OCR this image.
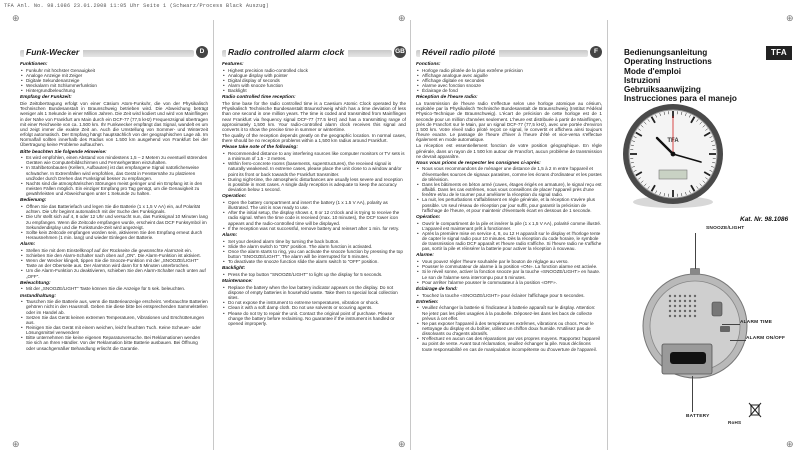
TFA Anl. No. 98.1086 23.01.2008 11:05 Uhr Seite 1 (Schwarz/Process Black Auszug)
⊕	⊕	⊕
⊕	⊕	⊕
Funk-Wecker	D	Radio controlled alarm clock	GB Réveil radio piloté	F
Funktionen:
• Funkuhr mit höchster Genauigkeit
• Analoge Anzeige mit Zeiger
• Digitale Sekundenanzeige
• Weckalarm mit Schlummerfunktion
• Hintergrundbeleuchtung
Empfang der Funkzeit:

Die Zeitübertragung erfolgt von einer Cäsium Atom-Funkuhr, die von der Physikalisch Technischen Bundesanstalt in Braunschweig betrieben wird. Die Abweichung beträgt weniger als 1 Sekunde in einer Million Jahren. Die Zeit wird kodiert und wird von Mainflingen in der Nähe von Frankfurt am Main durch ein DCF-77 (77,5 kHz) Frequenzsignal übertragen mit einer Reichweite von ca. 1.500 km. Ihr Funkwecker empfängt das Signal, wandelt es um und zeigt immer die exakte Zeit an. Auch die Umstellung von Sommer- und Winterzeit erfolgt automatisch. Der Empfang hängt hauptsächlich von der geographischen Lage ab. Im Normalfall sollten innerhalb des Radius von 1.500 km ausgehend von Frankfurt bei der Übertragung keine Probleme auftauchen.

Bitte beachten Sie folgende Hinweise:
• Es wird empfohlen, einen Abstand von mindestens 1,5 – 2 Metern zu eventuell störenden Geräten wie Computerbildschirmen und Fernsehgeräten einzuhalten.
• In Stahlbetonbauten (Kellern, Aufbauten) ist das empfangene Signal natürlicherweise schwächer. In Extremfällen wird empfohlen, das Gerät in Fensternähe zu platzieren und/oder durch Drehen das Funksignal besser zu empfangen.
• Nachts sind die atmosphärischen Störungen meist geringer und ein Empfang ist in den meisten Fällen möglich. Ein einziger Empfang pro Tag genügt, um die Genauigkeit zu gewährleisten und Abweichungen unter 1 Sekunde zu halten.
Bedienung:
• Öffnen Sie das Batteriefach und legen Sie die Batterie (1 x 1,5 V AA) ein, auf Polarität achten. Die Uhr beginnt automatisch mit der Suche des Funksignals.
• Die Uhr stellt sich auf 4, 8 oder 12 Uhr und versucht nun, das Funksignal 10 Minuten lang zu empfangen. Wenn die Zeitcode empfangen wurde, erscheint das DCF Funksymbol im Sekundendisplay und die Funkstunde-Zeit wird angezeigt.
• Sollte kein Zeitcode empfangen worden sein, aktivieren Sie den Empfang erneut durch Herausnehmen (1 min. lang) und wieder Einlegen der Batterie.
Alarm:
• Stellen Sie mit dem Einstellknopf auf der Rückseite die gewünschte Alarmzeit ein.
• Schieben Sie den Alarm-Schalter nach oben auf „ON“. Die Alarm-Funktion ist aktiviert.
• Wenn der Wecker klingelt, tippen Sie die Snooze-Funktion mit der „SNOOZE/LIGHT“ Taste an der Oberseite aus. Der Alarmton wird dann für 5 Minuten unterbrochen.
• Um die Alarm-Funktion zu deaktivieren, schieben Sie den Alarm-Schalter nach unten auf „OFF“.
Beleuchtung:
• Mit der „SNOOZE/LIGHT“ Taste können Sie die Anzeige für 5 sek. beleuchten.
Instandhaltung:
• Tauschen Sie die Batterie aus, wenn die Batterieanzeige erscheint. Verbrauchte Batterien gehören nicht in den Hausmüll. Geben Sie diese bitte bei entsprechenden Sammelstellen oder im Handel ab.
• Setzen Sie das Gerät keinen extremen Temperaturen, Vibrationen und Erschütterungen aus.
• Reinigen Sie das Gerät mit einem weichen, leicht feuchten Tuch. Keine Scheuer- oder Lösungsmittel verwenden!
• Bitte unternehmen Sie keine eigenen Reparaturversuche. Bei Reklamationen wenden Sie sich an Ihren Händler. Von der Reklamation bitte Batterie ausbauen. Bei Öffnung oder unsachgemäßer Behandlung erlischt die Garantie.
Features:
• Highest precision radio-controlled clock
• Analogue display with pointer
• Digital display of seconds
• Alarm with snooze function
• Backlight
Radio controlled time reception:

The time base for the radio controlled time is a Caesium Atomic Clock operated by the Physikalisch Technische Bundesanstalt Braunschweig which has a time deviation of less than one second in one million years. The time is coded and transmitted from Mainflingen near Frankfurt via frequency signal DCF-77 (77.5 kHz) and has a transmitting range of approximately 1,500 km. Your radio-controlled alarm clock receives this signal and converts it to show the precise time in summer or wintertime.

The quality of the reception depends greatly on the geographic location. In normal cases, there should be no reception problems within a 1,500 km radius around Frankfurt.

Please take note of the following:
• Recommended distance to any interfering sources like computer monitors or TV sets is a minimum of 1.5 - 2 metres.
• Within ferro-concrete rooms (basements, superstructures), the received signal is naturally weakened. In extreme cases, please place the unit close to a window and/or point its front or back towards the Frankfurt transmitter.
• During night-time, the atmospheric disturbances are usually less severe and reception is possible in most cases. A single daily reception is adequate to keep the accuracy deviation below 1 second.
Operation:
• Open the battery compartment and insert the battery (1 x 1.5 V AA), polarity as illustrated. The unit is now ready to use.
• After the initial setup, the display shows 4, 8 or 12 o'clock and is trying to receive the radio signal. When the time code is received (max. 10 minutes), the DCF tower icon appears and the radio-controlled time will be displayed.
• If the reception was not successful, remove battery and reinsert after 1 min. for retry.
Alarm:
• Set your desired alarm time by turning the back button.
• Slide the alarm switch to "ON" position. The alarm function is activated.
• Once the alarm starts to ring, you can activate the snooze function by pressing the top button "SNOOZE/LIGHT". The alarm will be interrupted for 5 minutes.
• To deactivate the snooze function slide the alarm switch to "OFF" position.
Backlight:
• Press the top button "SNOOZE/LIGHT" to light up the display for 5 seconds.
Maintenance:
• Replace the battery when the low battery indicator appears on the display. Do not dispose of empty batteries in household waste. Take them to special local collection sites.
• Do not expose the instrument to extreme temperatures, vibration or shock.
• Clean it with a soft damp cloth. Do not use solvents or scouring agents.
• Please do not try to repair the unit. Contact the original point of purchase. Please change the battery before reclaiming. No guarantee if the instrument is handled or opened improperly.
Fonctions:
• Horloge radio pilotée de la plus extrême précision
• Affichage analogue avec aiguille
• Affichage digitale en secondes
• Alarme avec fonction snooze
• Éclairage de fond
Réception de l'heure radio:

La transmission de l'heure radio s'effectue selon une horloge atomique au césium, exploitée par la Physikalisch Technische Bundesanstalt de Braunschweig (Institut Fédéral Physico-Technique de Braunschweig). L'écart de précision de cette horloge est de 1 seconde pour un million d'années seulement. L'heure est distribuée à partir de Mainflingen, près de Francfort sur le Main, par un signal DCF-77 (77,5 kHz), avec une portée d'environ 1 500 km. Votre réveil radio piloté reçoit ce signal, le convertit et affichera ainsi toujours l'heure exacte. Le passage de l'heure d'hiver à l'heure d'été et vice-versa s'effectue également en mode automatique.

La réception est essentiellement fonction de votre position géographique. En règle générale, dans un rayon de 1 500 km autour de Francfort, aucun problème de transmission ne devrait apparaître.

Nous vous prions de respecter les consignes ci-après:
• Nous vous recommandons de ménager une distance de 1,5 à 2 m entre l'appareil et d'éventuelles sources de signaux parasites, comme les écrans d'ordinateur et les postes de télévision.
• Dans les bâtiments en béton armé (caves, étages érigés en armature), le signal reçu est affaibli. Dans les cas extrêmes, nous vous conseillons de placer l'appareil près d'une fenêtre et/ou de le tourner pour améliorer la réception du signal radio.
• La nuit, les perturbations s'affaiblissent en règle générale, et la réception s'avère plus possible. Un seul réseau de réception par jour suffit, pour garantir la précision de l'affichage de l'heure, et pour maintenir d'éventuels écart en dessous de 1 seconde.
Opération:
• Ouvrir le compartiment de la pile et insérer la pile (1 x 1,5 V AA), polarité comme illustré. L'appareil est maintenant prêt à fonctionner.
• Après la première mise en service 4, 8, ou 12 H apparaît sur le display et l'horloge tente de capter le signal radio pour 10 minutes. Dès la réception du code horaire, le symbole de transmission radio DCF apparaît et l'heure radio s'affiche. Si l'heure radio ne s'affiche pas, sortir la pile et réinsérer la batterie pour activer la réception à nouveau.
Alarme:
• Vous pouvez régler l'heure souhaitée par le bouton de réglage au verso.
• Pousser le commutateur de alarme à la position «ON». La fonction alarme est activée.
• Si le réveil sonne, activer la fonction snooze par la touche «SNOOZE/LIGHT» en haute. Le son de l'alarme sera interrompu pour 5 minutes.
• Pour arrêter l'alarme pousser le commutateur à la position «OFF».
Éclairage de fond:
• Touchez la touche «SNOOZE/LIGHT» pour éclairer l'affichage pour 5 secondes.
Entretien:
• Veuillez échanger la batterie si l'indicateur à batterie apparaît sur le display. Attention: Ne jetez pas les piles usagées à la poubelle. Déposez-les dans les bacs de collecte prévus à cet effet.
• Ne pas exposer l'appareil à des températures extrêmes, vibrations ou chocs. Pour le nettoyage du display et du boîtier, utilisez un chiffon doux humide. N'utilisez pas de dissolvants ou d'agents abrasifs.
• N'effectuez en aucun cas des réparations par vos propres moyens. Rapportez l'appareil au point de vente. Avant tout réclamation, veuillez échanger la pile. Nous déclinons toute responsabilité en cas de manipulation incompétente ou d'ouverture de l'appareil.
Bedienungsanleitung
Operating Instructions
Mode d'emploi
Istruzioni
Gebruiksaanwijzing
Instrucciones para el manejo
TFA
TFA
Kat. Nr. 98.1086
SNOOZE/LIGHT
ALARM TIME
ALARM ON/OFF
BATTERY
RoHS
